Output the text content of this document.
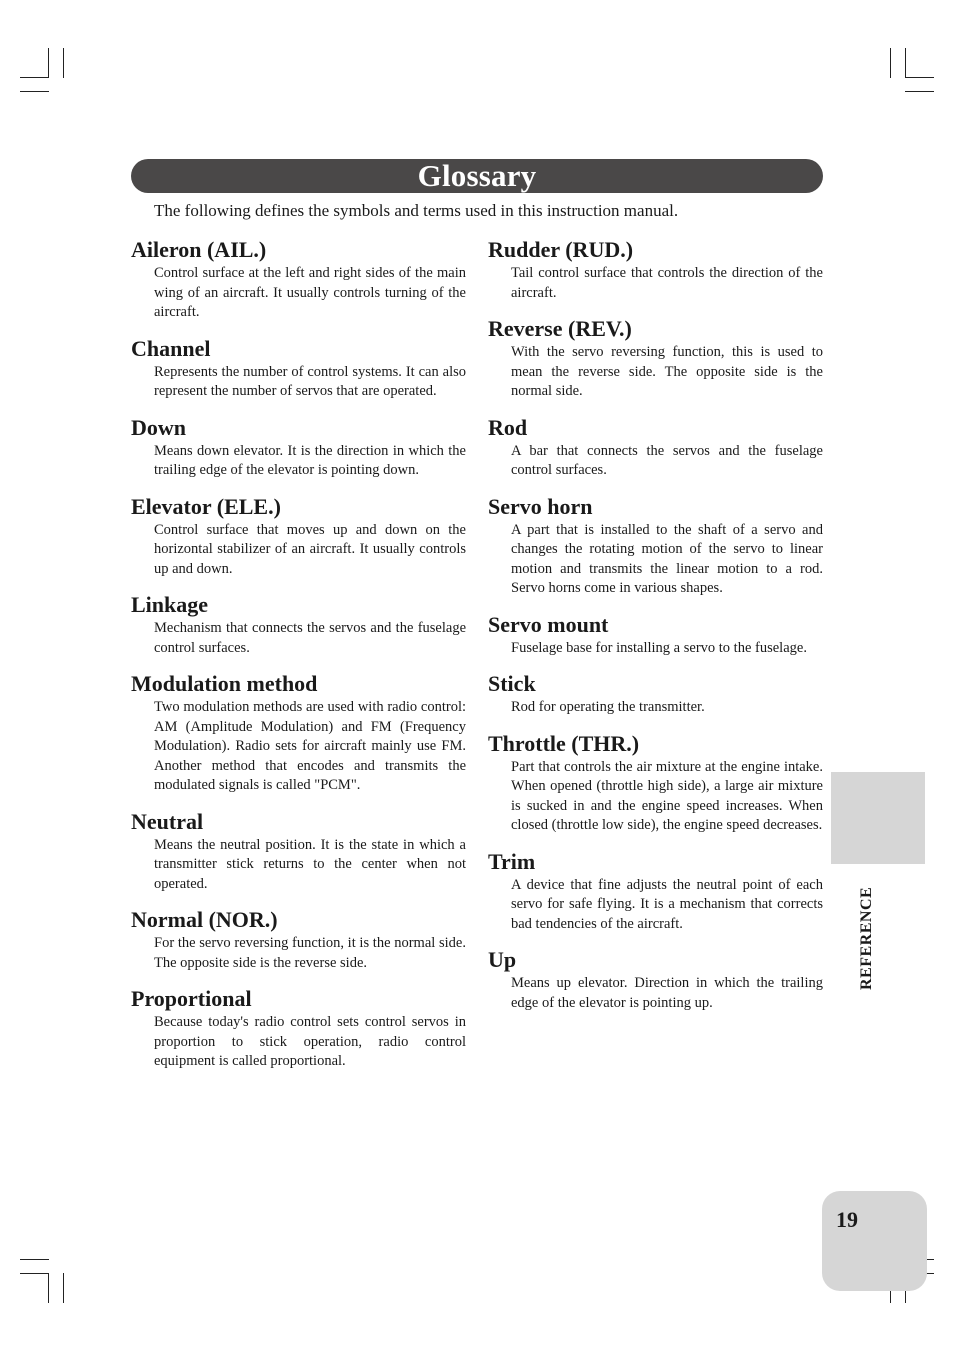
Glossary
The following defines the symbols and terms used in this instruction manual.
Aileron (AIL.)
Control surface at the left and right sides of the main wing of an aircraft. It usually controls turning of the aircraft.
Channel
Represents the number of control systems. It can also represent the number of servos that are operated.
Down
Means down elevator. It is the direction in which the trailing edge of the elevator is pointing down.
Elevator (ELE.)
Control surface that moves up and down on the horizontal stabilizer of an aircraft. It usually controls up and down.
Linkage
Mechanism that connects the servos and the fuselage control surfaces.
Modulation method
Two modulation methods are used with radio control: AM (Amplitude Modulation) and FM (Frequency Modulation). Radio sets for aircraft mainly use FM. Another method that encodes and transmits the modulated signals is called "PCM".
Neutral
Means the neutral position. It is the state in which a transmitter stick returns to the center when not operated.
Normal (NOR.)
For the servo reversing function, it is the normal side. The opposite side is the reverse side.
Proportional
Because today's radio control sets control servos in proportion to stick operation, radio control equipment is called proportional.
Rudder (RUD.)
Tail control surface that controls the direction of the aircraft.
Reverse (REV.)
With the servo reversing function, this is used to mean the reverse side. The opposite side is the normal side.
Rod
A bar that connects the servos and the fuselage control surfaces.
Servo horn
A part that is installed to the shaft of a servo and changes the rotating motion of the servo to linear motion and transmits the linear motion to a rod. Servo horns come in various shapes.
Servo mount
Fuselage base for installing a servo to the fuselage.
Stick
Rod for operating the transmitter.
Throttle (THR.)
Part that controls the air mixture at the engine intake. When opened (throttle high side), a large air mixture is sucked in and the engine speed increases. When closed (throttle low side), the engine speed decreases.
Trim
A device that fine adjusts the neutral point of each servo for safe flying. It is a mechanism that corrects bad tendencies of the aircraft.
Up
Means up elevator. Direction in which the trailing edge of the elevator is pointing up.
REFERENCE
19
